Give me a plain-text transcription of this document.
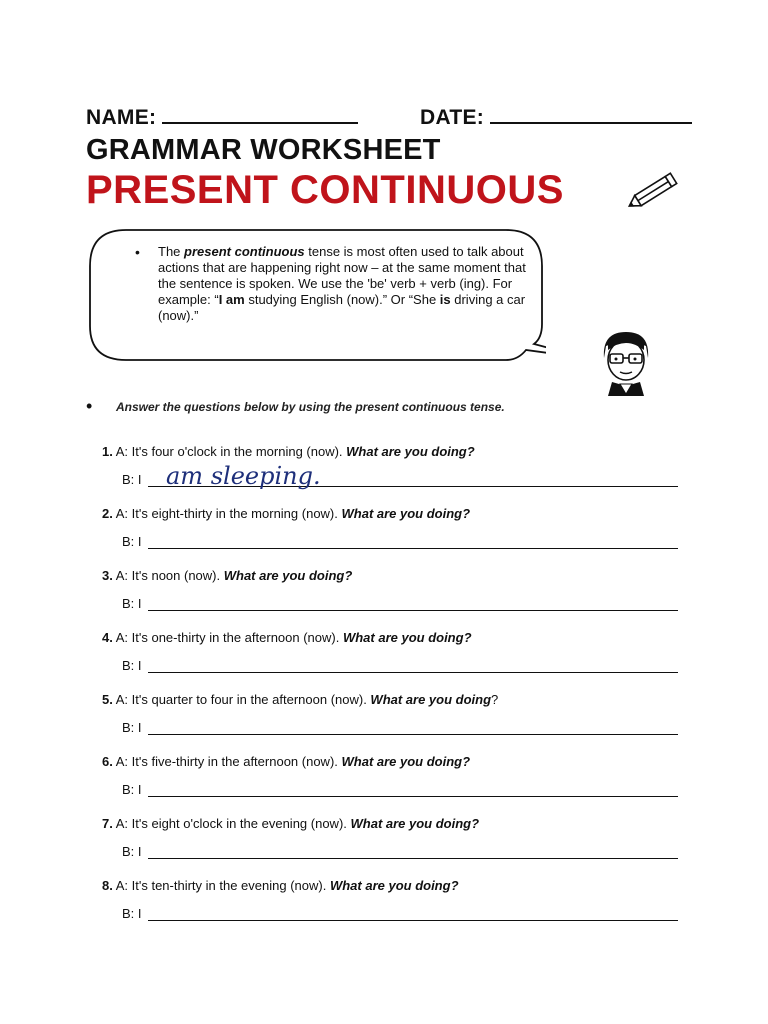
NAME:	DATE:
GRAMMAR WORKSHEET
PRESENT CONTINUOUS
• The present continuous tense is most often used to talk about actions that are happening right now – at the same moment that the sentence is spoken. We use the 'be' verb + verb (ing). For example: “I am studying English (now).” Or “She is driving a car (now).”
• Answer the questions below by using the present continuous tense.
1. A: It's four o'clock in the morning (now). What are you doing?
B: I am sleeping.
2. A: It's eight-thirty in the morning (now). What are you doing?
B: I
3. A: It's noon (now). What are you doing?
B: I
4. A: It's one-thirty in the afternoon (now). What are you doing?
B: I
5. A: It's quarter to four in the afternoon (now). What are you doing?
B: I
6. A: It's five-thirty in the afternoon (now). What are you doing?
B: I
7. A: It's eight o'clock in the evening (now). What are you doing?
B: I
8. A: It's ten-thirty in the evening (now). What are you doing?
B: I
